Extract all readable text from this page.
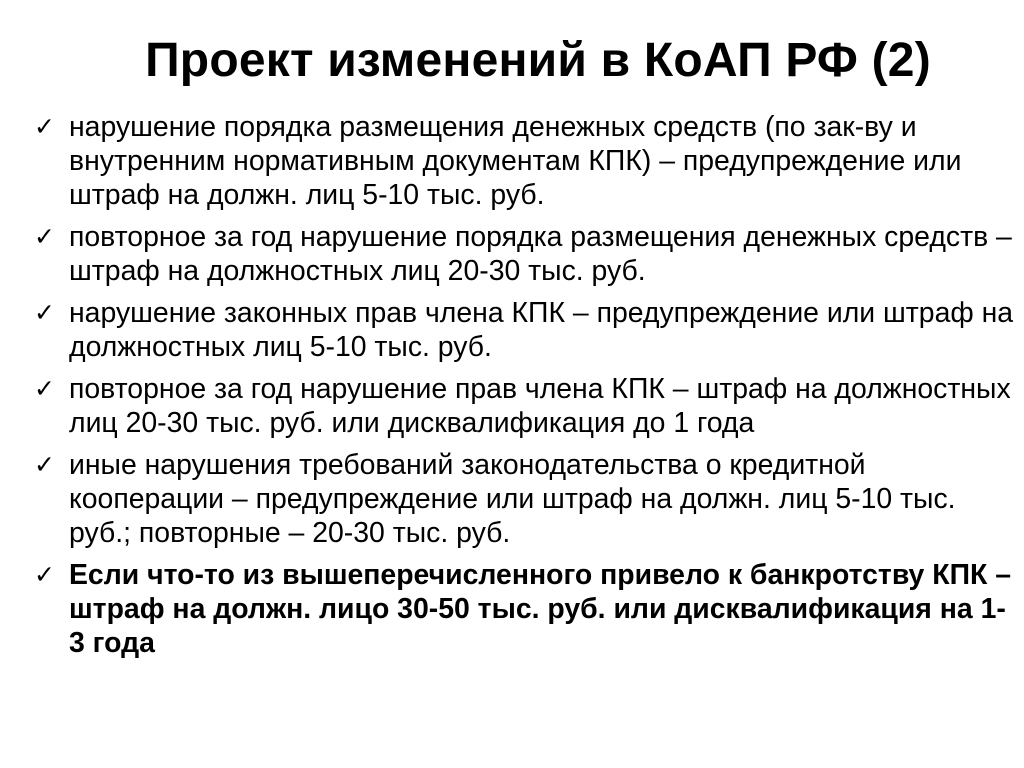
Проект изменений в КоАП РФ (2)
✓ нарушение порядка размещения денежных средств (по зак-ву и внутренним нормативным документам КПК) – предупреждение или штраф на должн. лиц 5-10 тыс. руб.
✓ повторное за год нарушение порядка размещения денежных средств – штраф на должностных лиц 20-30 тыс. руб.
✓ нарушение законных прав члена КПК – предупреждение или штраф на должностных лиц 5-10 тыс. руб.
✓ повторное за год нарушение прав члена КПК – штраф на должностных лиц 20-30 тыс. руб. или дисквалификация до 1 года
✓ иные нарушения требований законодательства о кредитной кооперации – предупреждение или штраф на должн. лиц 5-10 тыс. руб.; повторные – 20-30 тыс. руб.
✓ Если что-то из вышеперечисленного привело к банкротству КПК – штраф на должн. лицо 30-50 тыс. руб. или дисквалификация на 1-3 года
